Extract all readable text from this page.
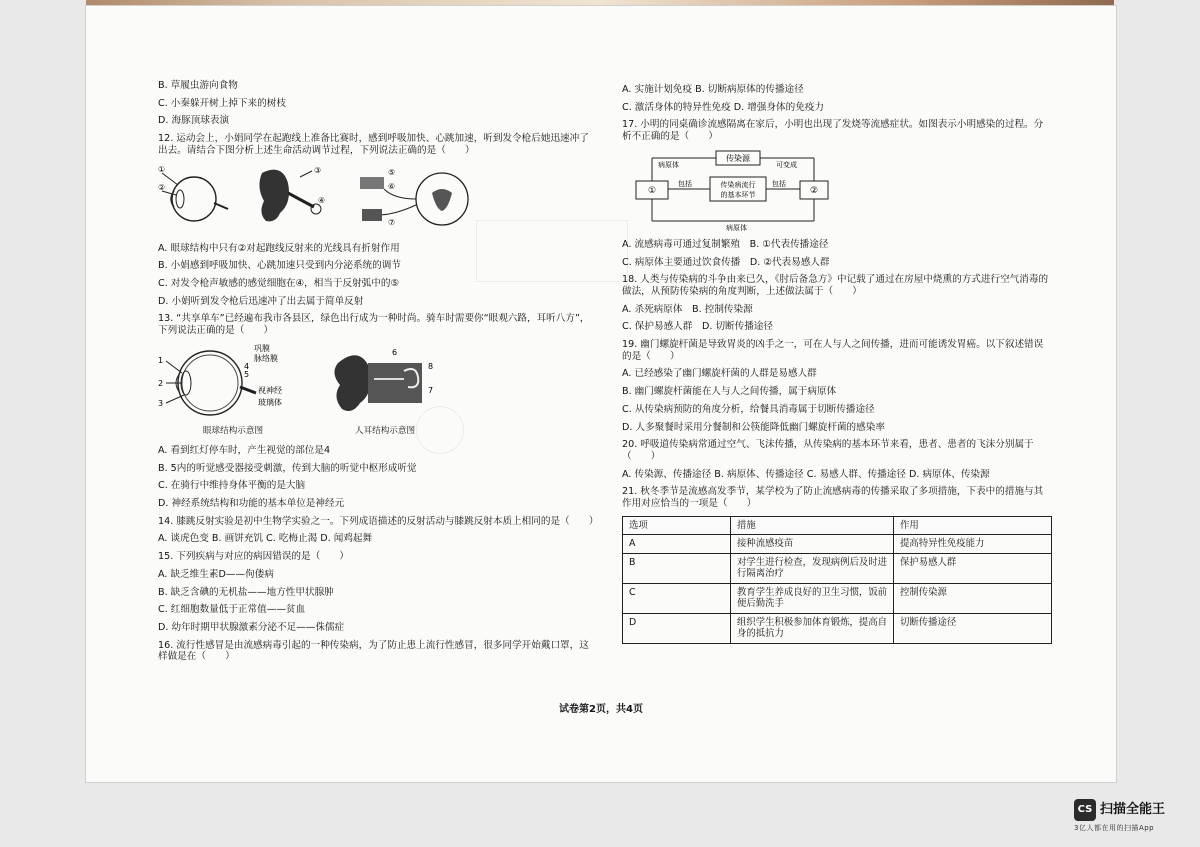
B. 草履虫游向食物
C. 小秦躲开树上掉下来的树枝
D. 海豚顶球表演
12. 运动会上，小娟同学在起跑线上准备比赛时，感到呼吸加快、心跳加速，听到发令枪后她迅速冲了出去。请结合下图分析上述生命活动调节过程，下列说法正确的是（　　）
①
②
③
④
⑤
⑥
⑦
A. 眼球结构中只有②对起跑线反射来的光线具有折射作用
B. 小娟感到呼吸加快、心跳加速只受到内分泌系统的调节
C. 对发令枪声敏感的感觉细胞在④，相当于反射弧中的⑤
D. 小娟听到发令枪后迅速冲了出去属于简单反射
13. “共享单车”已经遍布我市各县区，绿色出行成为一种时尚。骑车时需要你“眼观六路，耳听八方”，下列说法正确的是（　　）
1
2
3
4
5
巩膜
脉络膜
视神经
玻璃体
眼球结构示意图
6
7
8
人耳结构示意图
A. 看到红灯停车时，产生视觉的部位是4
B. 5内的听觉感受器接受刺激，传到大脑的听觉中枢形成听觉
C. 在骑行中维持身体平衡的是大脑
D. 神经系统结构和功能的基本单位是神经元
14. 膝跳反射实验是初中生物学实验之一。下列成语描述的反射活动与膝跳反射本质上相同的是（　　）
A. 谈虎色变 B. 画饼充饥 C. 吃梅止渴 D. 闻鸡起舞
15. 下列疾病与对应的病因错误的是（　　）
A. 缺乏维生素D——佝偻病
B. 缺乏含碘的无机盐——地方性甲状腺肿
C. 红细胞数量低于正常值——贫血
D. 幼年时期甲状腺激素分泌不足——侏儒症
16. 流行性感冒是由流感病毒引起的一种传染病，为了防止患上流行性感冒，很多同学开始戴口罩，这样做是在（　　）
A. 实施计划免疫 B. 切断病原体的传播途径
C. 激活身体的特异性免疫 D. 增强身体的免疫力
17. 小明的同桌确诊流感隔离在家后，小明也出现了发烧等流感症状。如图表示小明感染的过程。分析不正确的是（　　）
传染源
①	②
传染病流行
的基本环节
病原体	可变成
包括	包括
病原体
A. 流感病毒可通过复制繁殖　B. ①代表传播途径
C. 病原体主要通过饮食传播　D. ②代表易感人群
18. 人类与传染病的斗争由来已久，《肘后备急方》中记载了通过在房屋中烧熏的方式进行空气消毒的做法，从预防传染病的角度判断，上述做法属于（　　）
A. 杀死病原体　B. 控制传染源
C. 保护易感人群　D. 切断传播途径
19. 幽门螺旋杆菌是导致胃炎的凶手之一，可在人与人之间传播，进而可能诱发胃癌。以下叙述错误的是（　　）
A. 已经感染了幽门螺旋杆菌的人群是易感人群
B. 幽门螺旋杆菌能在人与人之间传播，属于病原体
C. 从传染病预防的角度分析，给餐具消毒属于切断传播途径
D. 人多聚餐时采用分餐制和公筷能降低幽门螺旋杆菌的感染率
20. 呼吸道传染病常通过空气、飞沫传播，从传染病的基本环节来看，患者、患者的飞沫分别属于（　　）
A. 传染源、传播途径 B. 病原体、传播途径 C. 易感人群、传播途径 D. 病原体、传染源
21. 秋冬季节是流感高发季节，某学校为了防止流感病毒的传播采取了多项措施，下表中的措施与其作用对应恰当的一项是（　　）
选项	措施	作用
A	接种流感疫苗	提高特异性免疫能力
B	对学生进行检查，发现病例后及时进行隔离治疗	保护易感人群
C	教育学生养成良好的卫生习惯，饭前便后勤洗手	控制传染源
D	组织学生积极参加体育锻炼，提高自身的抵抗力	切断传播途径
试卷第2页，共4页
CS 扫描全能王
3亿人都在用的扫描App
